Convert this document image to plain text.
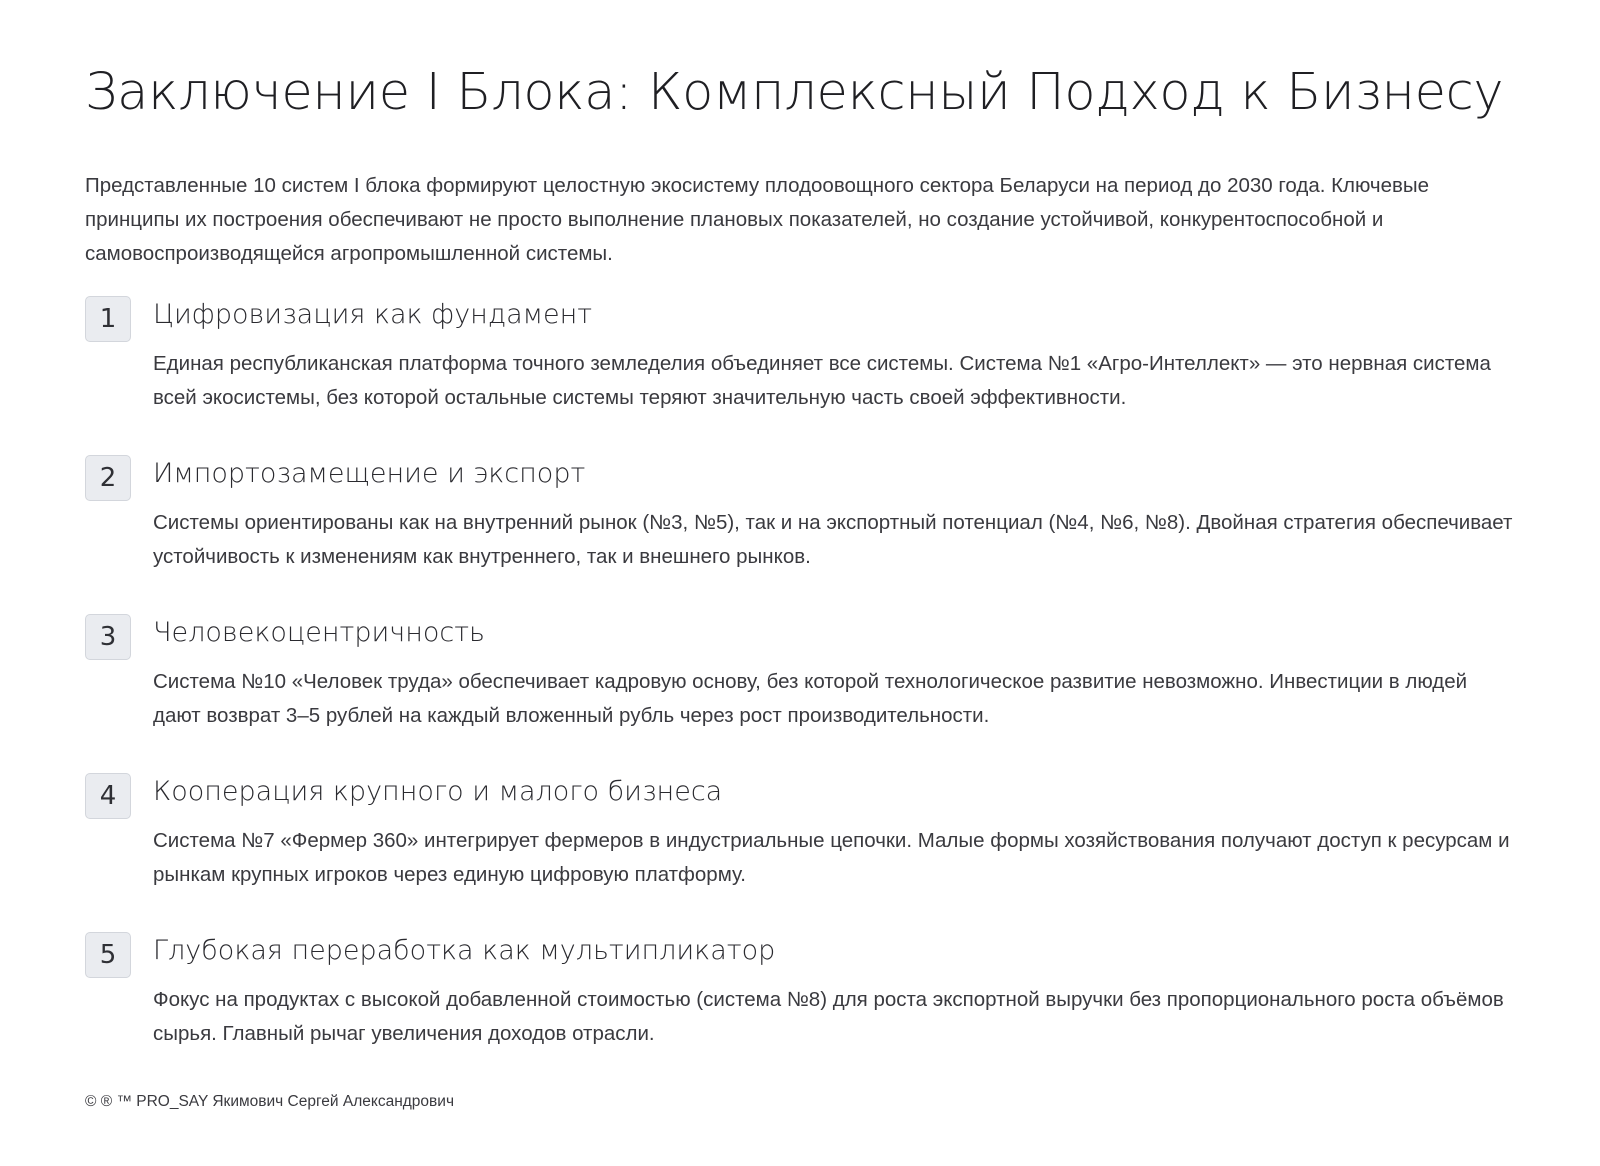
Заключение I Блока: Комплексный Подход к Бизнесу

Представленные 10 систем I блока формируют целостную экосистему плодоовощного сектора Беларуси на период до 2030 года. Ключевые принципы их построения обеспечивают не просто выполнение плановых показателей, но создание устойчивой, конкурентоспособной и самовоспроизводящейся агропромышленной системы.

1	Цифровизация как фундамент

Единая республиканская платформа точного земледелия объединяет все системы. Система №1 «Агро-Интеллект» — это нервная система всей экосистемы, без которой остальные системы теряют значительную часть своей эффективности.

2	Импортозамещение и экспорт

Системы ориентированы как на внутренний рынок (№3, №5), так и на экспортный потенциал (№4, №6, №8). Двойная стратегия обеспечивает устойчивость к изменениям как внутреннего, так и внешнего рынков.

3	Человекоцентричность

Система №10 «Человек труда» обеспечивает кадровую основу, без которой технологическое развитие невозможно. Инвестиции в людей дают возврат 3–5 рублей на каждый вложенный рубль через рост производительности.

4	Кооперация крупного и малого бизнеса

Система №7 «Фермер 360» интегрирует фермеров в индустриальные цепочки. Малые формы хозяйствования получают доступ к ресурсам и рынкам крупных игроков через единую цифровую платформу.

5	Глубокая переработка как мультипликатор

Фокус на продуктах с высокой добавленной стоимостью (система №8) для роста экспортной выручки без пропорционального роста объёмов сырья. Главный рычаг увеличения доходов отрасли.

© ® ™ PRO_SAY Якимович Сергей Александрович
